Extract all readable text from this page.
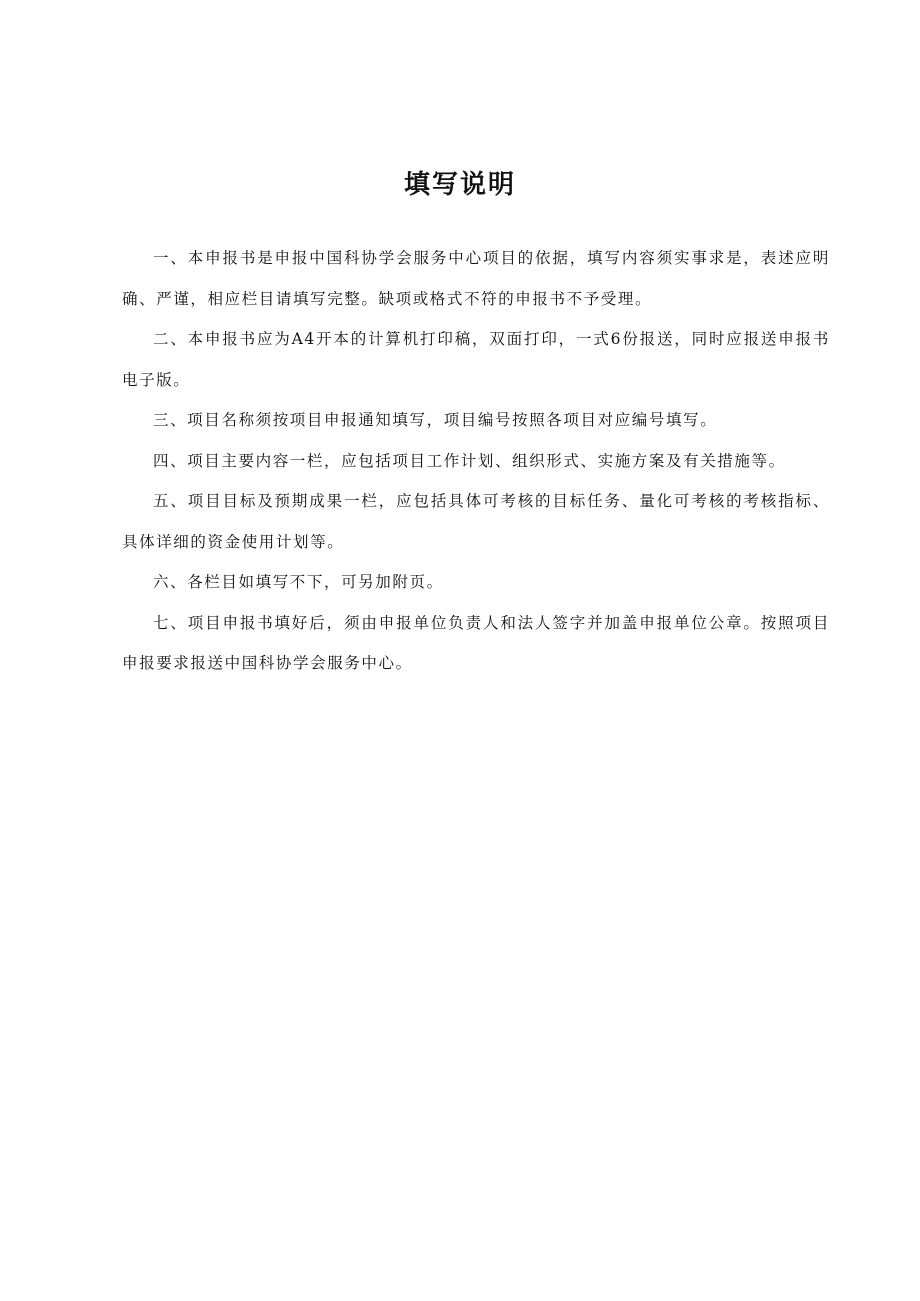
填写说明

一、本申报书是申报中国科协学会服务中心项目的依据，填写内容须实事求是，表述应明确、严谨，相应栏目请填写完整。缺项或格式不符的申报书不予受理。

二、本申报书应为A4开本的计算机打印稿，双面打印，一式6份报送，同时应报送申报书电子版。

三、项目名称须按项目申报通知填写，项目编号按照各项目对应编号填写。

四、项目主要内容一栏，应包括项目工作计划、组织形式、实施方案及有关措施等。

五、项目目标及预期成果一栏，应包括具体可考核的目标任务、量化可考核的考核指标、具体详细的资金使用计划等。

六、各栏目如填写不下，可另加附页。

七、项目申报书填好后，须由申报单位负责人和法人签字并加盖申报单位公章。按照项目申报要求报送中国科协学会服务中心。
